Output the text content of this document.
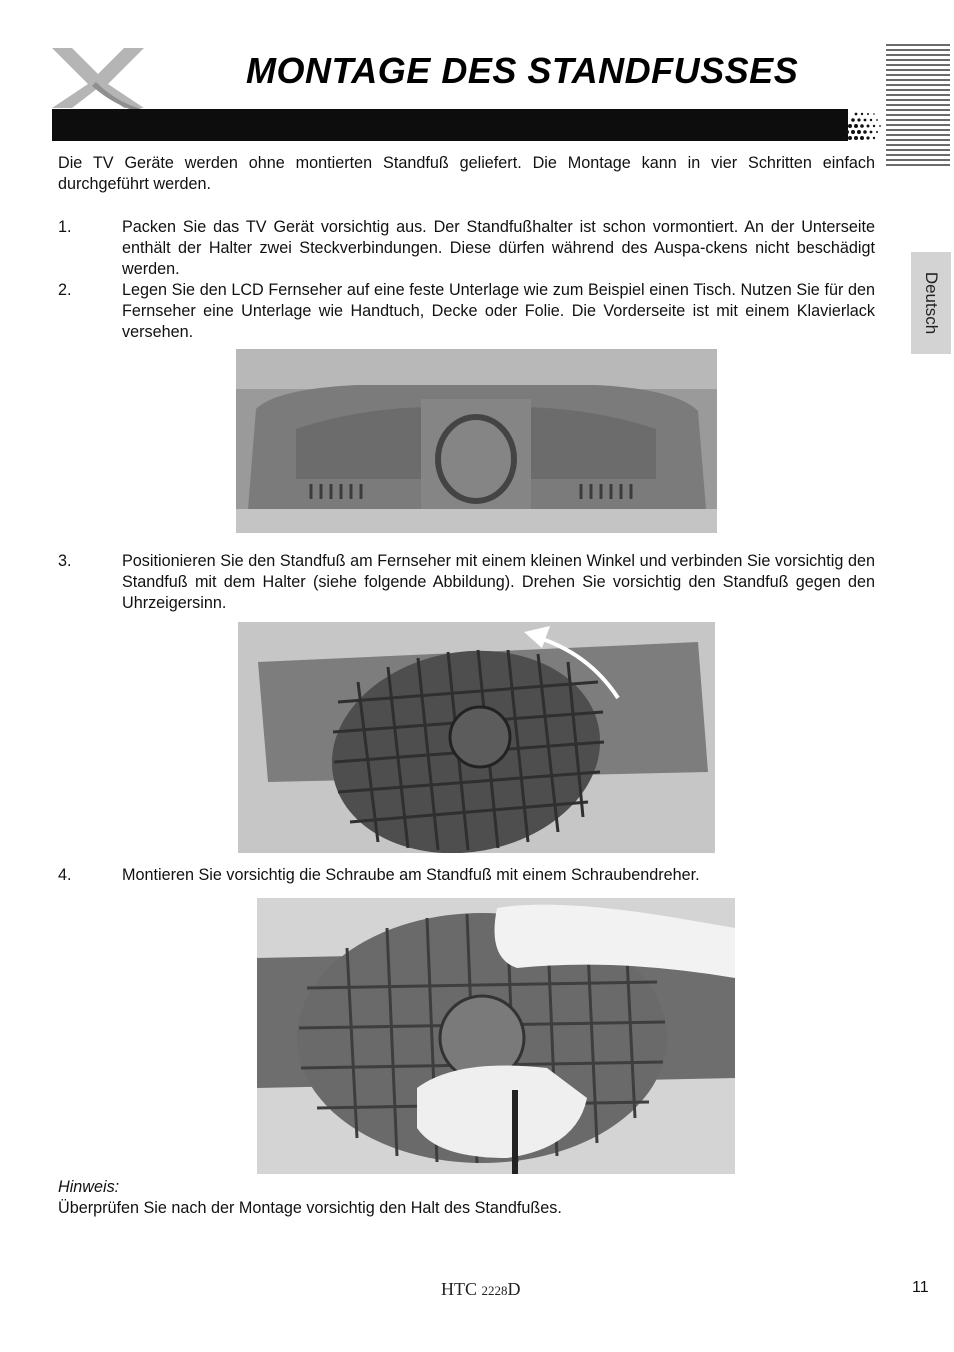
MONTAGE DES STANDFUSSES
Deutsch
Die TV Geräte werden ohne montierten Standfuß geliefert. Die Montage kann in vier Schritten einfach durchgeführt werden.
1.	Packen Sie das TV Gerät vorsichtig aus. Der Standfußhalter ist schon vormontiert. An der Unterseite enthält der Halter zwei Steckverbindungen. Diese dürfen während des Auspa-ckens nicht beschädigt werden.
2.	Legen Sie den LCD Fernseher auf eine feste Unterlage wie zum Beispiel einen Tisch. Nutzen Sie für den Fernseher eine Unterlage wie Handtuch, Decke oder Folie. Die Vorderseite ist mit einem Klavierlack versehen.
3.	Positionieren Sie den Standfuß am Fernseher mit einem kleinen Winkel und verbinden Sie vorsichtig den Standfuß mit dem Halter (siehe folgende Abbildung). Drehen Sie vorsichtig den Standfuß gegen den Uhrzeigersinn.
4.	Montieren Sie vorsichtig die Schraube am Standfuß mit einem Schraubendreher.
Hinweis:
Überprüfen Sie nach der Montage vorsichtig den Halt des Standfußes.
HTC 2228D	11
